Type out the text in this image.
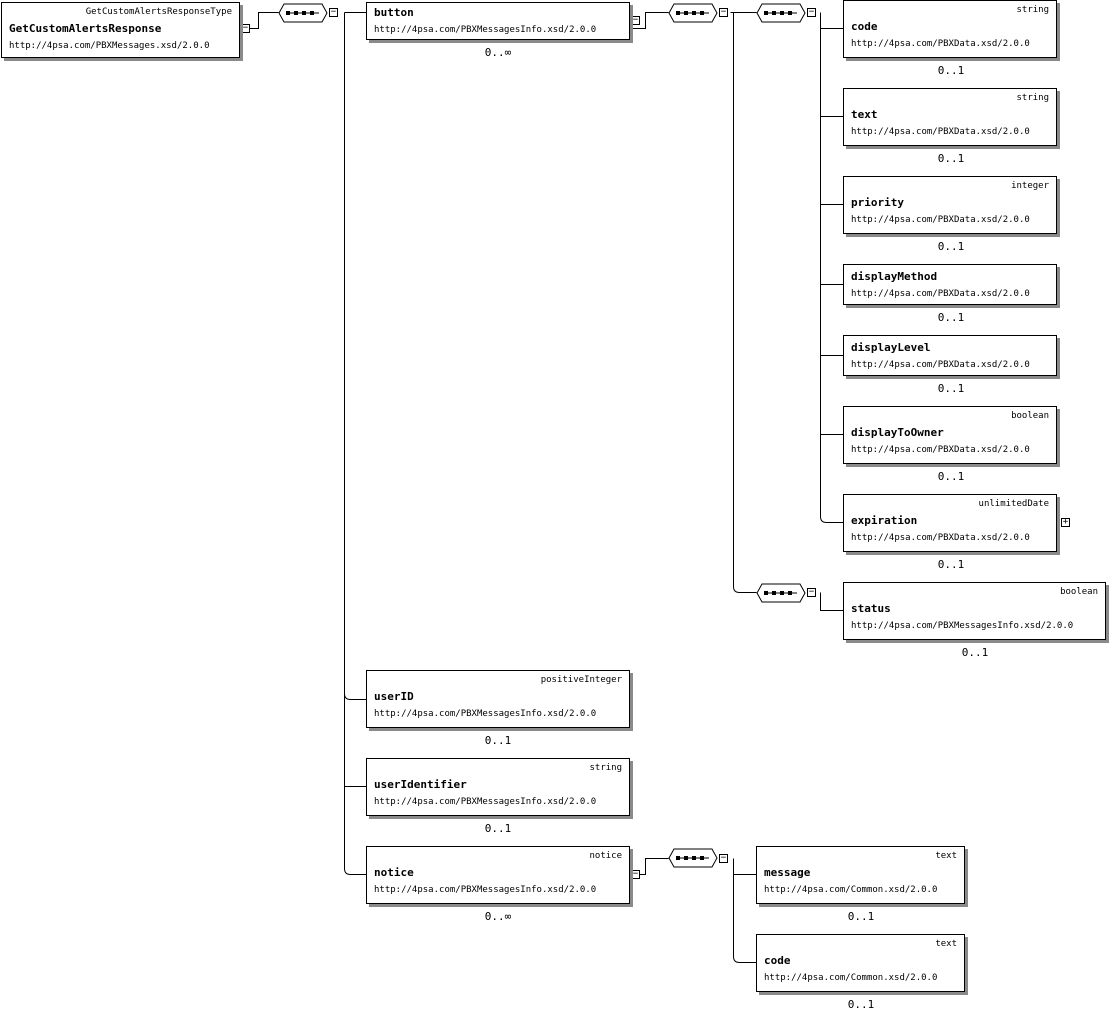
−
−
−
−	−
−
+
−
−
GetCustomAlertsResponseType
GetCustomAlertsResponse
http://4psa.com/PBXMessages.xsd/2.0.0
button
http://4psa.com/PBXMessagesInfo.xsd/2.0.0
0..∞
string
code
http://4psa.com/PBXData.xsd/2.0.0
0..1
string
text
http://4psa.com/PBXData.xsd/2.0.0
0..1
integer
priority
http://4psa.com/PBXData.xsd/2.0.0
0..1
displayMethod
http://4psa.com/PBXData.xsd/2.0.0
0..1
displayLevel
http://4psa.com/PBXData.xsd/2.0.0
0..1
boolean
displayToOwner
http://4psa.com/PBXData.xsd/2.0.0
0..1
unlimitedDate
expiration
http://4psa.com/PBXData.xsd/2.0.0
0..1
boolean
status
http://4psa.com/PBXMessagesInfo.xsd/2.0.0
0..1
positiveInteger
userID
http://4psa.com/PBXMessagesInfo.xsd/2.0.0
0..1
string
userIdentifier
http://4psa.com/PBXMessagesInfo.xsd/2.0.0
0..1
notice
notice
http://4psa.com/PBXMessagesInfo.xsd/2.0.0
0..∞
text
message
http://4psa.com/Common.xsd/2.0.0
0..1
text
code
http://4psa.com/Common.xsd/2.0.0
0..1
